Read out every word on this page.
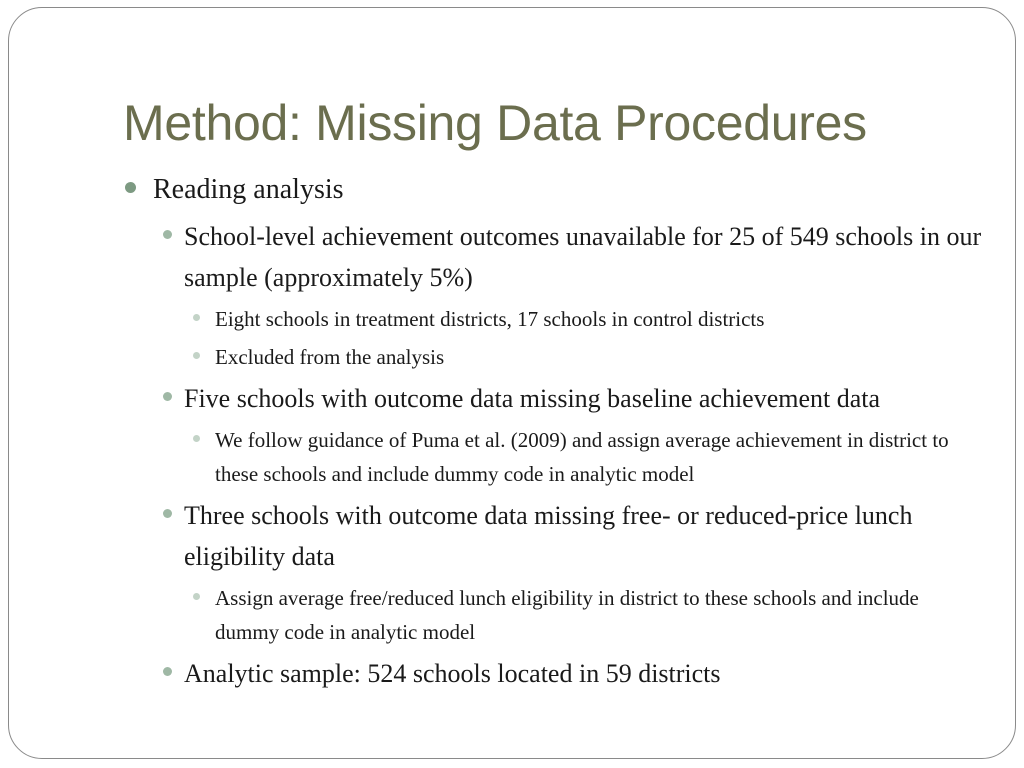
Method: Missing Data Procedures
Reading analysis
School-level achievement outcomes unavailable for 25 of 549 schools in our sample (approximately 5%)
Eight schools in treatment districts, 17 schools in control districts
Excluded from the analysis
Five schools with outcome data missing baseline achievement data
We follow guidance of Puma et al. (2009) and assign average achievement in district to these schools and include dummy code in analytic model
Three schools with outcome data missing free- or reduced-price lunch eligibility data
Assign average free/reduced lunch eligibility in district to these schools and include dummy code in analytic model
Analytic sample: 524 schools located in 59 districts
